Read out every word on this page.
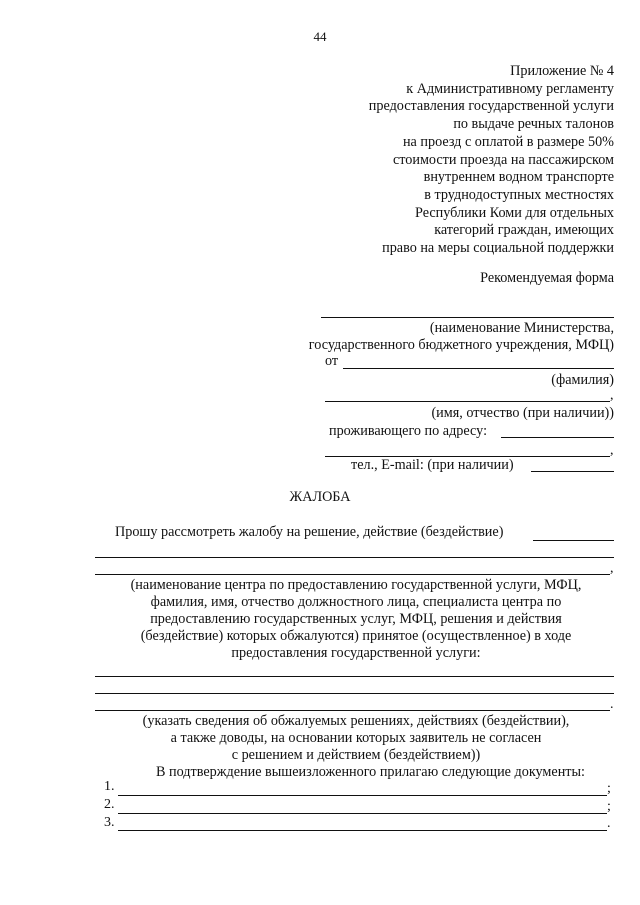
44
Приложение № 4
к Административному регламенту
предоставления государственной услуги
по выдаче речных талонов
на проезд с оплатой в размере 50%
стоимости проезда на пассажирском
внутреннем водном транспорте
в труднодоступных местностях
Республики Коми для отдельных
категорий граждан, имеющих
право на меры социальной поддержки
Рекомендуемая форма
(наименование Министерства,
государственного бюджетного учреждения, МФЦ)
от
(фамилия)
,
(имя, отчество (при наличии))
проживающего по адресу:
,
тел., E-mail: (при наличии)
ЖАЛОБА
Прошу рассмотреть жалобу на решение, действие (бездействие)
,
(наименование центра по предоставлению государственной услуги, МФЦ,
фамилия, имя, отчество должностного лица, специалиста центра по
предоставлению государственных услуг, МФЦ, решения и действия
(бездействие) которых обжалуются) принятое (осуществленное) в ходе
предоставления государственной услуги:
.
(указать сведения об обжалуемых решениях, действиях (бездействии),
а также доводы, на основании которых заявитель не согласен
с решением и действием (бездействием))
В подтверждение вышеизложенного прилагаю следующие документы:
1.	;
2.	;
3.	.
